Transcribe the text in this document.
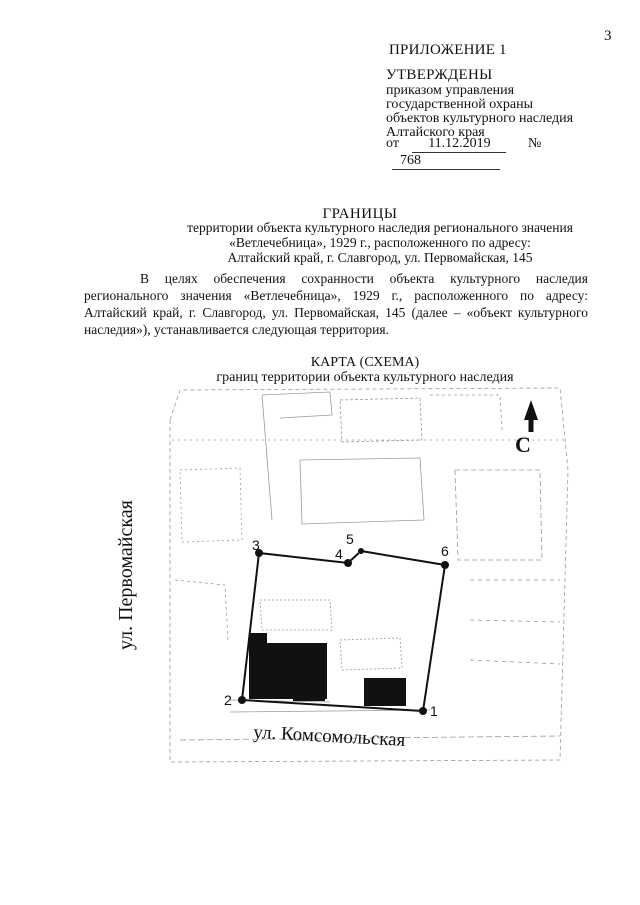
3
ПРИЛОЖЕНИЕ 1
УТВЕРЖДЕНЫ
приказом управления
государственной охраны
объектов культурного наследия
Алтайского края
от 11.12.2019	№ 768
ГРАНИЦЫ
территории объекта культурного наследия регионального значения
«Ветлечебница», 1929 г., расположенного по адресу:
Алтайский край, г. Славгород, ул. Первомайская, 145
В целях обеспечения сохранности объекта культурного наследия регионального значения «Ветлечебница», 1929 г., расположенного по адресу: Алтайский край, г. Славгород, ул. Первомайская, 145 (далее – «объект культурного наследия»), устанавливается следующая территория.
КАРТА (СХЕМА)
границ территории объекта культурного наследия
1
2
3
4
5
6
С
ул. Первомайская
ул. Комсомольская
